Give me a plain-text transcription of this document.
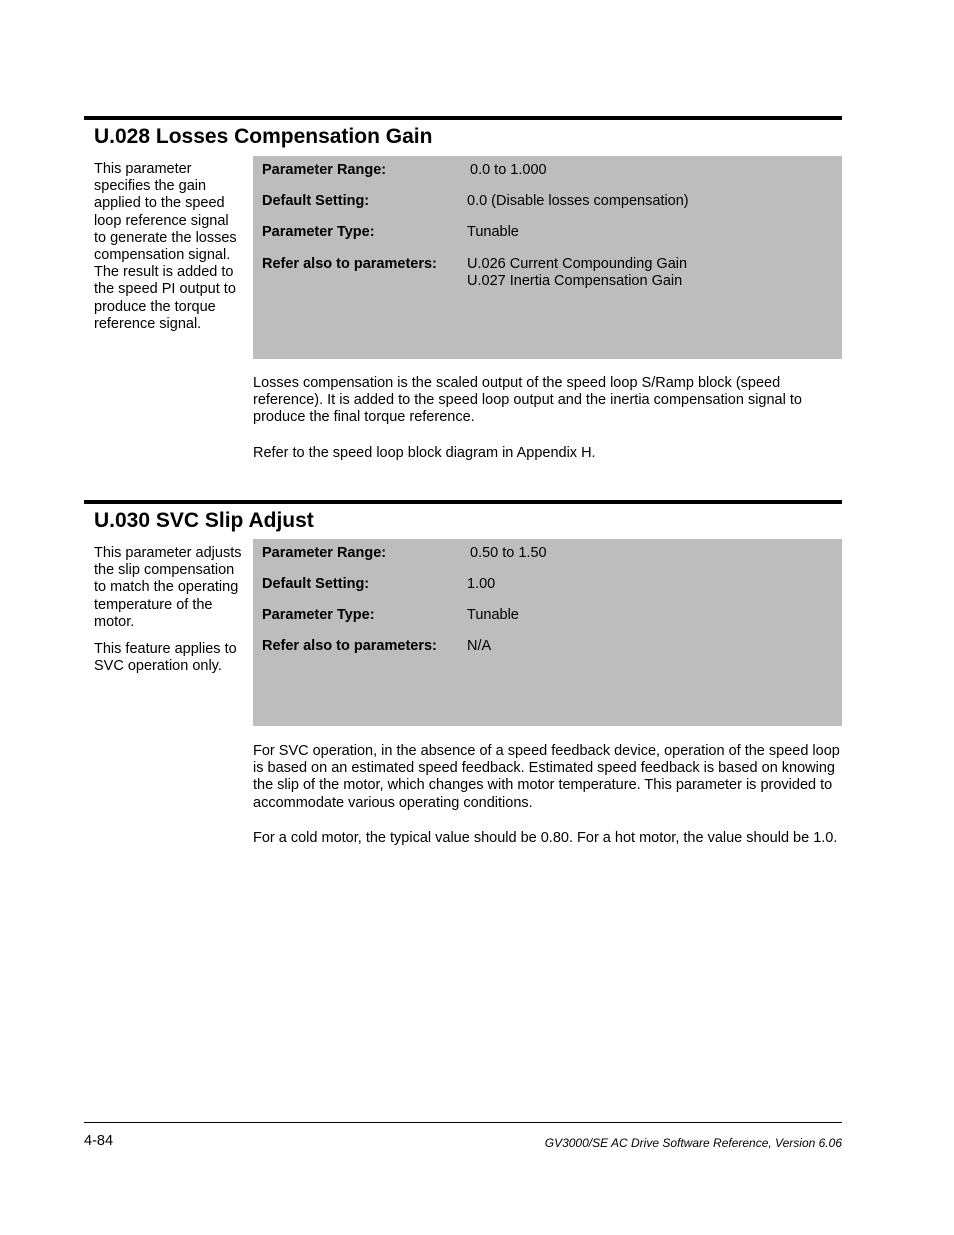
U.028 Losses Compensation Gain

This parameter specifies the gain applied to the speed loop reference signal to generate the losses compensation signal. The result is added to the speed PI output to produce the torque reference signal.

Parameter Range:	0.0 to 1.000
Default Setting:	0.0 (Disable losses compensation)
Parameter Type:	Tunable
Refer also to parameters: U.026 Current Compounding Gain
U.027 Inertia Compensation Gain

Losses compensation is the scaled output of the speed loop S/Ramp block (speed reference). It is added to the speed loop output and the inertia compensation signal to produce the final torque reference.

Refer to the speed loop block diagram in Appendix H.

U.030 SVC Slip Adjust

This parameter adjusts the slip compensation to match the operating temperature of the motor.

This feature applies to SVC operation only.

Parameter Range:	0.50 to 1.50
Default Setting:	1.00
Parameter Type:	Tunable
Refer also to parameters: N/A

For SVC operation, in the absence of a speed feedback device, operation of the speed loop is based on an estimated speed feedback. Estimated speed feedback is based on knowing the slip of the motor, which changes with motor temperature. This parameter is provided to accommodate various operating conditions.

For a cold motor, the typical value should be 0.80. For a hot motor, the value should be 1.0.

4-84	GV3000/SE AC Drive Software Reference, Version 6.06
